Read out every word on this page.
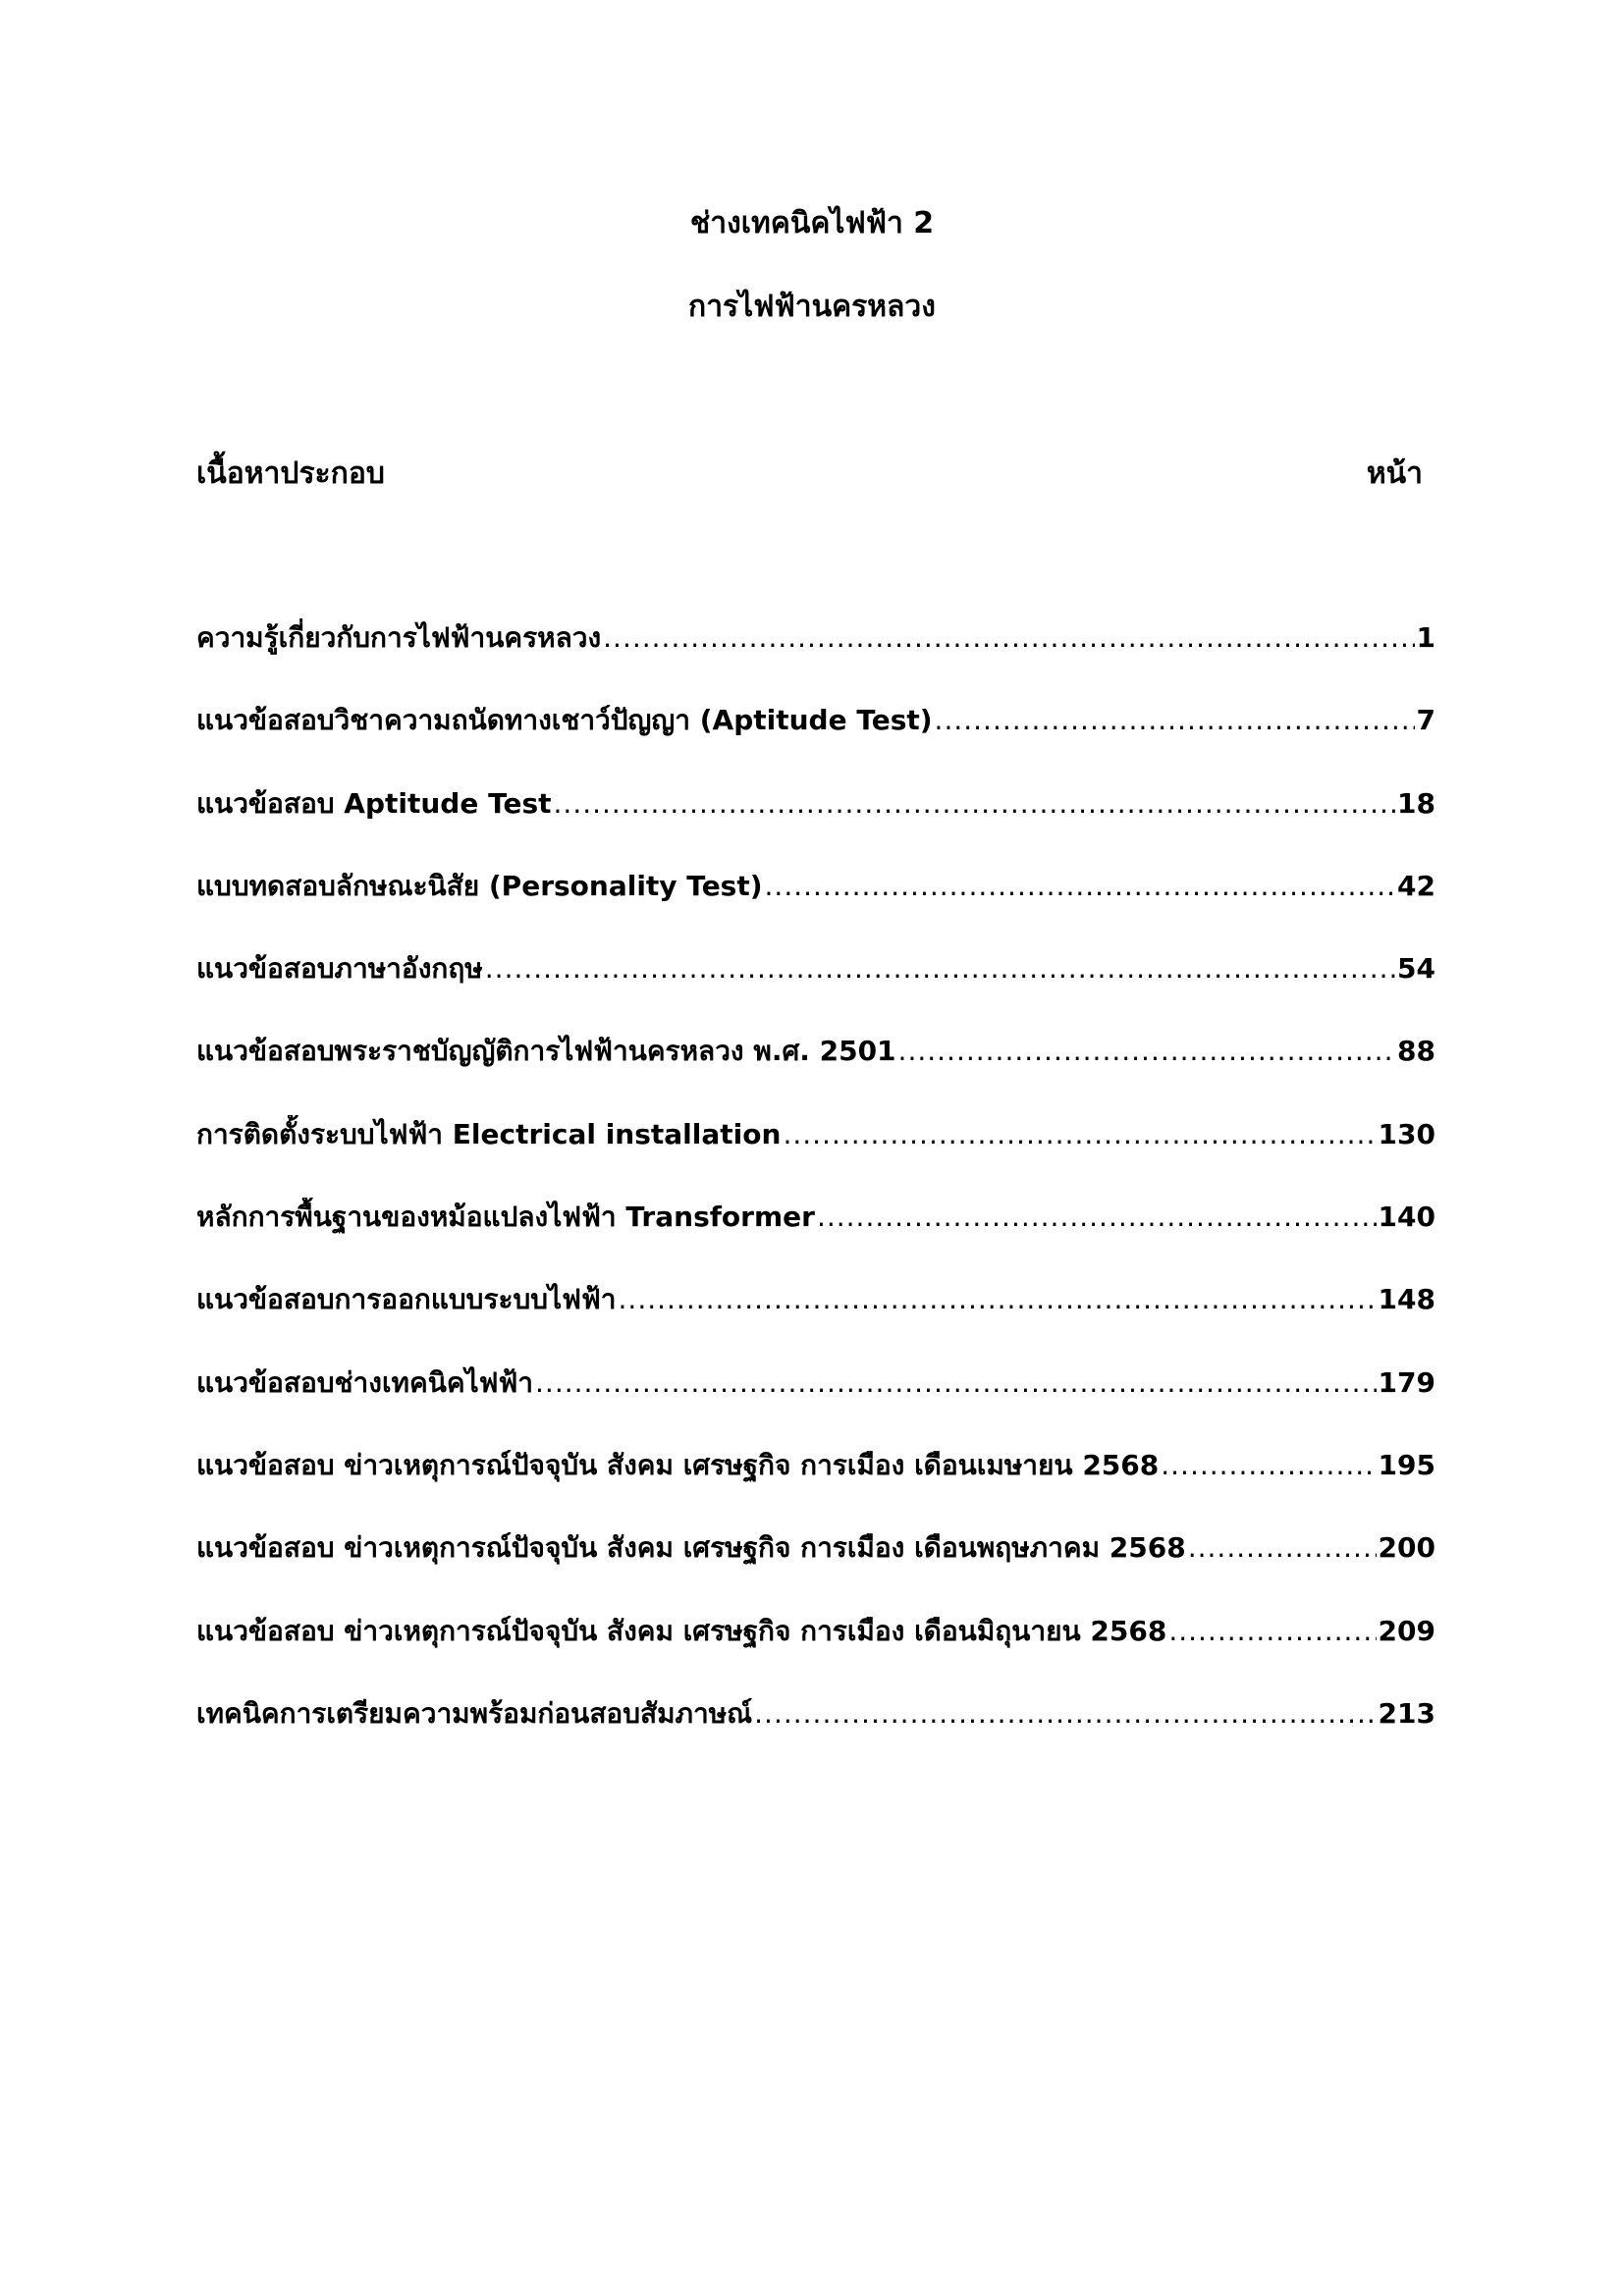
ช่างเทคนิคไฟฟ้า 2
การไฟฟ้านครหลวง
เนื้อหาประกอบ	หน้า
ความรู้เกี่ยวกับการไฟฟ้านครหลวง .....	1
แนวข้อสอบวิชาความถนัดทางเชาว์ปัญญา (Aptitude Test) .....	7
แนวข้อสอบ Aptitude Test .....	18
แบบทดสอบลักษณะนิสัย (Personality Test) .....	42
แนวข้อสอบภาษาอังกฤษ .....	54
แนวข้อสอบพระราชบัญญัติการไฟฟ้านครหลวง พ.ศ. 2501 .....	88
การติดตั้งระบบไฟฟ้า Electrical installation .....	130
หลักการพื้นฐานของหม้อแปลงไฟฟ้า Transformer .....	140
แนวข้อสอบการออกแบบระบบไฟฟ้า .....	148
แนวข้อสอบช่างเทคนิคไฟฟ้า .....	179
แนวข้อสอบ ข่าวเหตุการณ์ปัจจุบัน สังคม เศรษฐกิจ การเมือง เดือนเมษายน 2568 .....	195
แนวข้อสอบ ข่าวเหตุการณ์ปัจจุบัน สังคม เศรษฐกิจ การเมือง เดือนพฤษภาคม 2568 .....	200
แนวข้อสอบ ข่าวเหตุการณ์ปัจจุบัน สังคม เศรษฐกิจ การเมือง เดือนมิถุนายน 2568 .....	209
เทคนิคการเตรียมความพร้อมก่อนสอบสัมภาษณ์ .....	213
